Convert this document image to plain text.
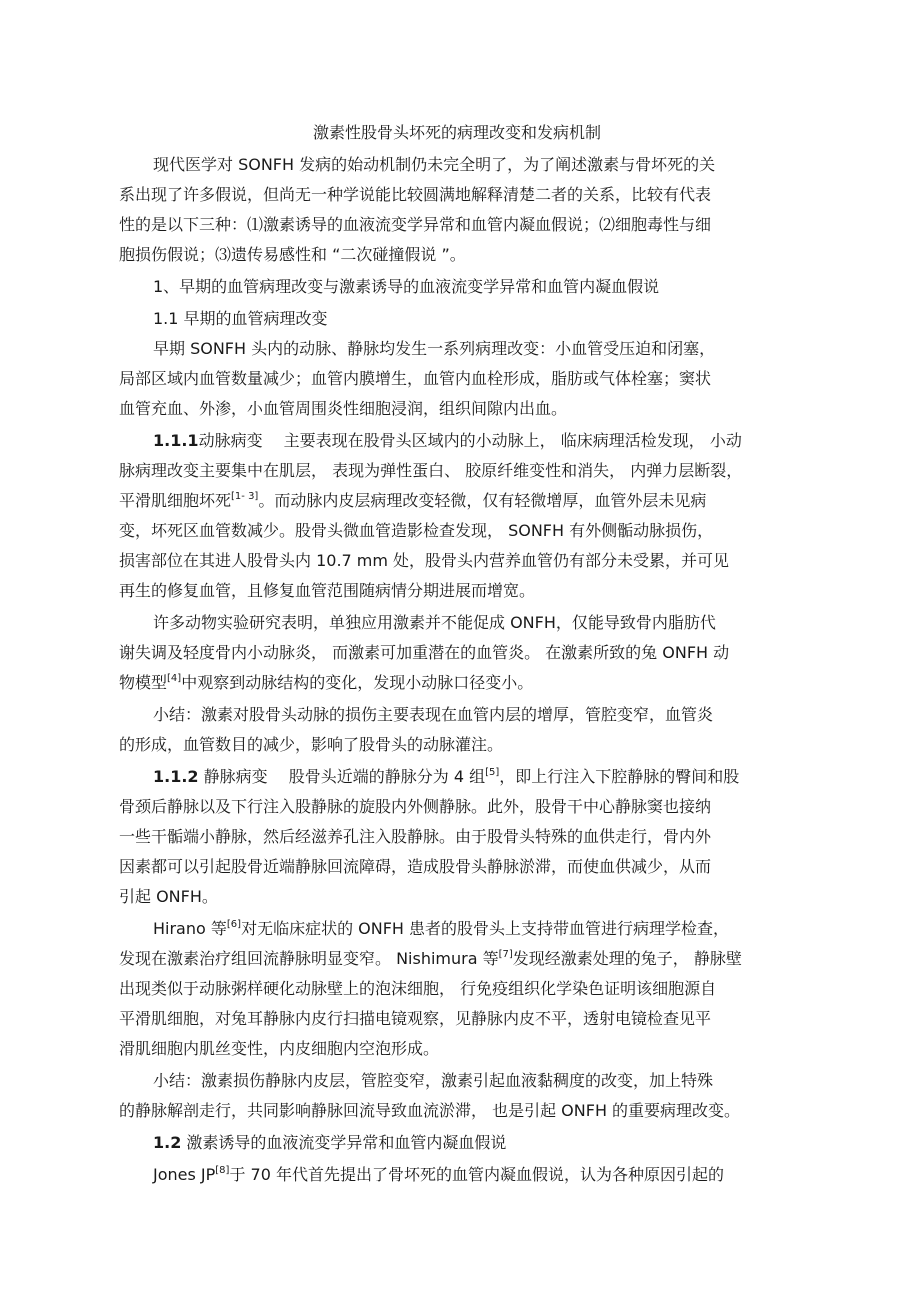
激素性股骨头坏死的病理改变和发病机制
现代医学对 SONFH 发病的始动机制仍未完全明了，为了阐述激素与骨坏死的关
系出现了许多假说，但尚无一种学说能比较圆满地解释清楚二者的关系，比较有代表
性的是以下三种：⑴激素诱导的血液流变学异常和血管内凝血假说；⑵细胞毒性与细
胞损伤假说；⑶遗传易感性和 “二次碰撞假说 ”。
1、早期的血管病理改变与激素诱导的血液流变学异常和血管内凝血假说
1.1 早期的血管病理改变
早期 SONFH 头内的动脉、静脉均发生一系列病理改变：小血管受压迫和闭塞，
局部区域内血管数量减少；血管内膜增生，血管内血栓形成，脂肪或气体栓塞；窦状
血管充血、外渗，小血管周围炎性细胞浸润，组织间隙内出血。
1.1.1动脉病变　 主要表现在股骨头区域内的小动脉上， 临床病理活检发现， 小动
脉病理改变主要集中在肌层， 表现为弹性蛋白、 胶原纤维变性和消失， 内弹力层断裂，
平滑肌细胞坏死[1- 3]。而动脉内皮层病理改变轻微，仅有轻微增厚，血管外层未见病
变，坏死区血管数减少。股骨头微血管造影检查发现， SONFH 有外侧骺动脉损伤，
损害部位在其进人股骨头内 10.7 mm 处，股骨头内营养血管仍有部分未受累，并可见
再生的修复血管，且修复血管范围随病情分期进展而增宽。
许多动物实验研究表明，单独应用激素并不能促成 ONFH，仅能导致骨内脂肪代
谢失调及轻度骨内小动脉炎， 而激素可加重潜在的血管炎。 在激素所致的兔 ONFH 动
物模型[4]中观察到动脉结构的变化，发现小动脉口径变小。
小结：激素对股骨头动脉的损伤主要表现在血管内层的增厚，管腔变窄，血管炎
的形成，血管数目的减少，影响了股骨头的动脉灌注。
1.1.2 静脉病变　 股骨头近端的静脉分为 4 组[5]，即上行注入下腔静脉的臀间和股
骨颈后静脉以及下行注入股静脉的旋股内外侧静脉。此外，股骨干中心静脉窦也接纳
一些干骺端小静脉，然后经滋养孔注入股静脉。由于股骨头特殊的血供走行，骨内外
因素都可以引起股骨近端静脉回流障碍，造成股骨头静脉淤滞，而使血供减少，从而
引起 ONFH。
Hirano 等[6]对无临床症状的 ONFH 患者的股骨头上支持带血管进行病理学检查，
发现在激素治疗组回流静脉明显变窄。 Nishimura 等[7]发现经激素处理的兔子， 静脉壁
出现类似于动脉粥样硬化动脉壁上的泡沫细胞， 行免疫组织化学染色证明该细胞源自
平滑肌细胞，对兔耳静脉内皮行扫描电镜观察，见静脉内皮不平，透射电镜检查见平
滑肌细胞内肌丝变性，内皮细胞内空泡形成。
小结：激素损伤静脉内皮层，管腔变窄，激素引起血液黏稠度的改变，加上特殊
的静脉解剖走行，共同影响静脉回流导致血流淤滞， 也是引起 ONFH 的重要病理改变。
1.2 激素诱导的血液流变学异常和血管内凝血假说
Jones JP[8]于 70 年代首先提出了骨坏死的血管内凝血假说，认为各种原因引起的
